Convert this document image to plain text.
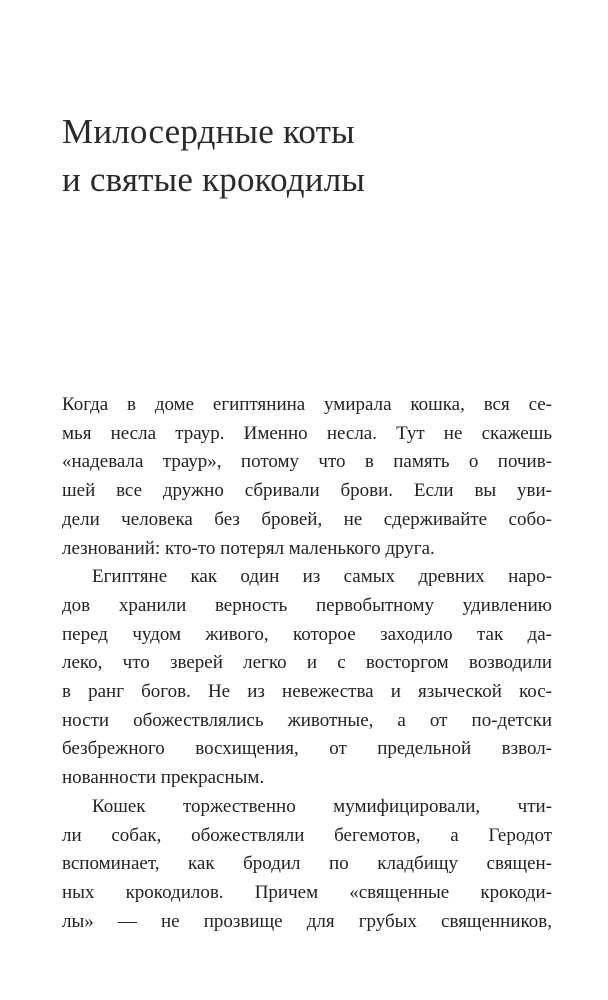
Милосердные коты
и святые крокодилы

Когда в доме египтянина умирала кошка, вся се-
мья несла траур. Именно несла. Тут не скажешь
«надевала траур», потому что в память о почив-
шей все дружно сбривали брови. Если вы уви-
дели человека без бровей, не сдерживайте собо-
лезнований: кто-то потерял маленького друга.

Египтяне как один из самых древних наро-
дов хранили верность первобытному удивлению
перед чудом живого, которое заходило так да-
леко, что зверей легко и с восторгом возводили
в ранг богов. Не из невежества и языческой кос-
ности обожествлялись животные, а от по-детски
безбрежного восхищения, от предельной взвол-
нованности прекрасным.

Кошек торжественно мумифицировали, чти-
ли собак, обожествляли бегемотов, а Геродот
вспоминает, как бродил по кладбищу священ-
ных крокодилов. Причем «священные крокоди-
лы» — не прозвище для грубых священников,
